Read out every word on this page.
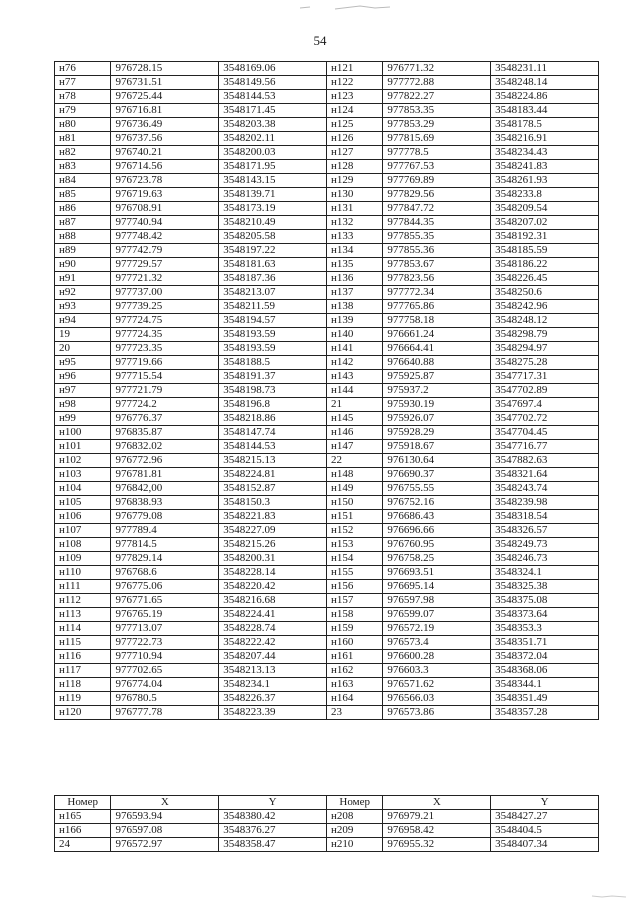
54
н76	976728.15	3548169.06	н121	976771.32	3548231.11
н77	976731.51	3548149.56	н122	977772.88	3548248.14
н78	976725.44	3548144.53	н123	977822.27	3548224.86
н79	976716.81	3548171.45	н124	977853.35	3548183.44
н80	976736.49	3548203.38	н125	977853.29	3548178.5
н81	976737.56	3548202.11	н126	977815.69	3548216.91
н82	976740.21	3548200.03	н127	977778.5	3548234.43
н83	976714.56	3548171.95	н128	977767.53	3548241.83
н84	976723.78	3548143.15	н129	977769.89	3548261.93
н85	976719.63	3548139.71	н130	977829.56	3548233.8
н86	976708.91	3548173.19	н131	977847.72	3548209.54
н87	977740.94	3548210.49	н132	977844.35	3548207.02
н88	977748.42	3548205.58	н133	977855.35	3548192.31
н89	977742.79	3548197.22	н134	977855.36	3548185.59
н90	977729.57	3548181.63	н135	977853.67	3548186.22
н91	977721.32	3548187.36	н136	977823.56	3548226.45
н92	977737.00	3548213.07	н137	977772.34	3548250.6
н93	977739.25	3548211.59	н138	977765.86	3548242.96
н94	977724.75	3548194.57	н139	977758.18	3548248.12
19	977724.35	3548193.59	н140	976661.24	3548298.79
20	977723.35	3548193.59	н141	976664.41	3548294.97
н95	977719.66	3548188.5	н142	976640.88	3548275.28
н96	977715.54	3548191.37	н143	975925.87	3547717.31
н97	977721.79	3548198.73	н144	975937.2	3547702.89
н98	977724.2	3548196.8	21	975930.19	3547697.4
н99	976776.37	3548218.86	н145	975926.07	3547702.72
н100	976835.87	3548147.74	н146	975928.29	3547704.45
н101	976832.02	3548144.53	н147	975918.67	3547716.77
н102	976772.96	3548215.13	22	976130.64	3547882.63
н103	976781.81	3548224.81	н148	976690.37	3548321.64
н104	976842,00	3548152.87	н149	976755.55	3548243.74
н105	976838.93	3548150.3	н150	976752.16	3548239.98
н106	976779.08	3548221.83	н151	976686.43	3548318.54
н107	977789.4	3548227.09	н152	976696.66	3548326.57
н108	977814.5	3548215.26	н153	976760.95	3548249.73
н109	977829.14	3548200.31	н154	976758.25	3548246.73
н110	976768.6	3548228.14	н155	976693.51	3548324.1
н111	976775.06	3548220.42	н156	976695.14	3548325.38
н112	976771.65	3548216.68	н157	976597.98	3548375.08
н113	976765.19	3548224.41	н158	976599.07	3548373.64
н114	977713.07	3548228.74	н159	976572.19	3548353.3
н115	977722.73	3548222.42	н160	976573.4	3548351.71
н116	977710.94	3548207.44	н161	976600.28	3548372.04
н117	977702.65	3548213.13	н162	976603.3	3548368.06
н118	976774.04	3548234.1	н163	976571.62	3548344.1
н119	976780.5	3548226.37	н164	976566.03	3548351.49
н120	976777.78	3548223.39	23	976573.86	3548357.28
Номер	X	Y	Номер	X	Y
н165	976593.94	3548380.42	н208	976979.21	3548427.27
н166	976597.08	3548376.27	н209	976958.42	3548404.5
24	976572.97	3548358.47	н210	976955.32	3548407.34
